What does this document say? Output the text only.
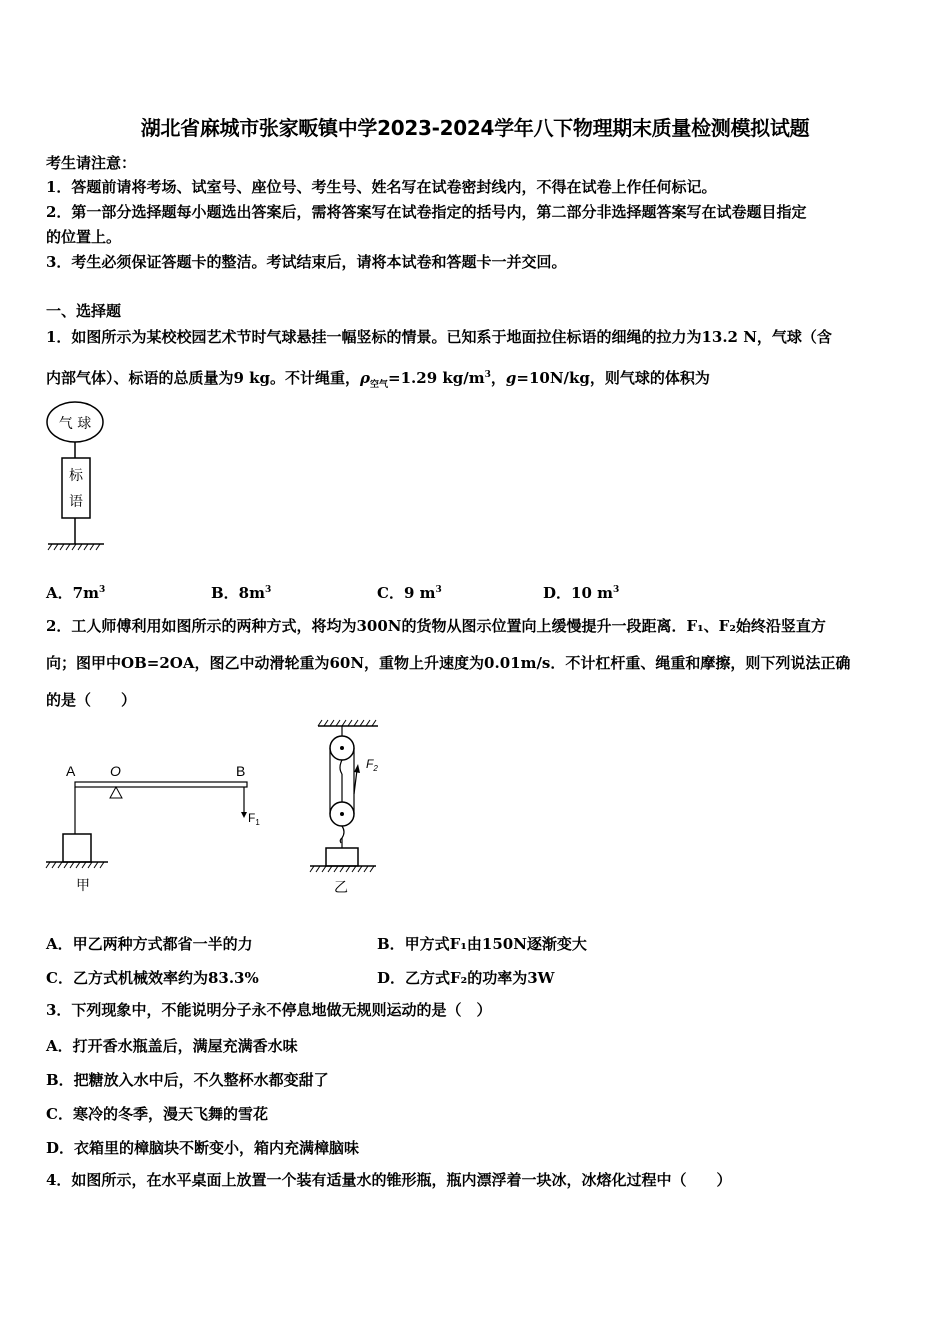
湖北省麻城市张家畈镇中学2023-2024学年八下物理期末质量检测模拟试题
考生请注意：
1．答题前请将考场、试室号、座位号、考生号、姓名写在试卷密封线内，不得在试卷上作任何标记。
2．第一部分选择题每小题选出答案后，需将答案写在试卷指定的括号内，第二部分非选择题答案写在试卷题目指定
的位置上。
3．考生必须保证答题卡的整洁。考试结束后，请将本试卷和答题卡一并交回。
一、选择题
1．如图所示为某校校园艺术节时气球悬挂一幅竖标的情景。已知系于地面拉住标语的细绳的拉力为13.2 N，气球（含
内部气体）、标语的总质量为9 kg。不计绳重，$\rho_{空气}=1.29$ $kg/m^3$，g=10N/kg，则气球的体积为
气 球
标
语
A．$7m^3$	B．$8m^3$	C．9 $m^3$	D．10 $m^3$
2．工人师傅利用如图所示的两种方式，将均为300N的货物从图示位置向上缓慢提升一段距离．F₁、F₂始终沿竖直方
向；图甲中OB=2OA，图乙中动滑轮重为60N，重物上升速度为0.01m/s．不计杠杆重、绳重和摩擦，则下列说法正确
的是（　　）
A O	B
$F_1$
甲
$F_2$
乙
A．甲乙两种方式都省一半的力	B．甲方式F₁由150N逐渐变大
C．乙方式机械效率约为83.3%	D．乙方式F₂的功率为3W
3．下列现象中，不能说明分子永不停息地做无规则运动的是（　）
A．打开香水瓶盖后，满屋充满香水味
B．把糖放入水中后，不久整杯水都变甜了
C．寒冷的冬季，漫天飞舞的雪花
D．衣箱里的樟脑块不断变小，箱内充满樟脑味
4．如图所示，在水平桌面上放置一个装有适量水的锥形瓶，瓶内漂浮着一块冰，冰熔化过程中（　　）
